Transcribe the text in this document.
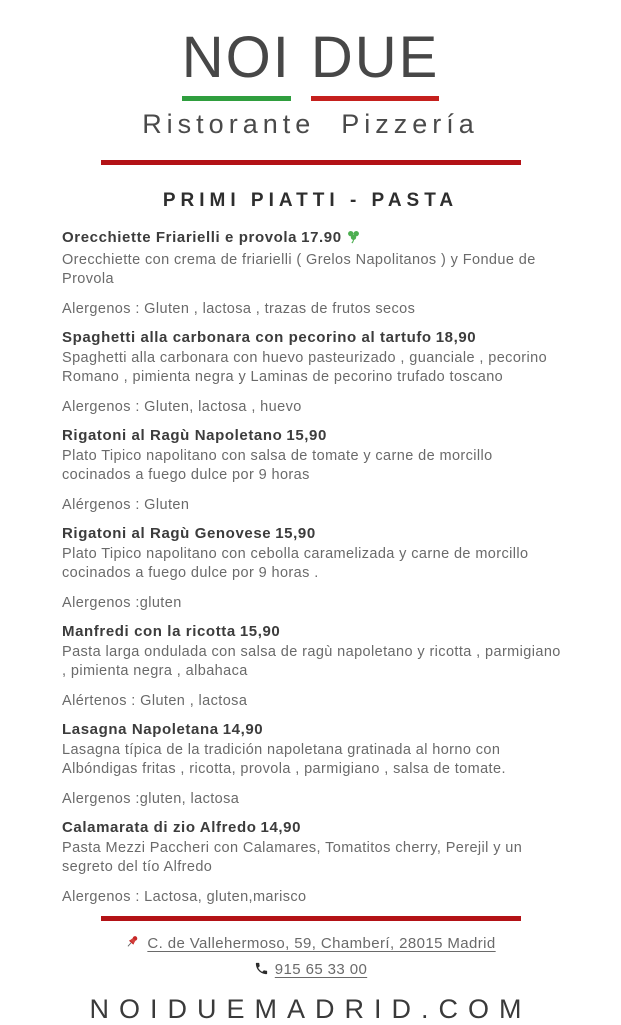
NOI DUE
Ristorante Pizzería
PRIMI PIATTI - PASTA
Orecchiette Friarielli e provola 17.90
Orecchiette con crema de friarielli ( Grelos Napolitanos ) y Fondue de Provola
Alergenos : Gluten , lactosa , trazas de frutos secos
Spaghetti alla carbonara con pecorino al tartufo 18,90
Spaghetti alla carbonara con huevo pasteurizado , guanciale , pecorino Romano , pimienta negra y Laminas de pecorino trufado toscano
Alergenos : Gluten, lactosa , huevo
Rigatoni al Ragù Napoletano 15,90
Plato Tipico napolitano con salsa de tomate y carne de morcillo cocinados a fuego dulce por 9 horas
Alérgenos : Gluten
Rigatoni al Ragù Genovese 15,90
Plato Tipico napolitano con cebolla caramelizada y carne de morcillo cocinados a fuego dulce por 9 horas .
Alergenos :gluten
Manfredi con la ricotta 15,90
Pasta larga ondulada con salsa de ragù napoletano y ricotta , parmigiano , pimienta negra , albahaca
Alértenos : Gluten , lactosa
Lasagna Napoletana 14,90
Lasagna típica de la tradición napoletana gratinada al horno con Albóndigas fritas , ricotta, provola , parmigiano , salsa de tomate.
Alergenos :gluten, lactosa
Calamarata di zio Alfredo 14,90
Pasta Mezzi Paccheri con Calamares, Tomatitos cherry, Perejil y un segreto del tío Alfredo
Alergenos : Lactosa, gluten,marisco
C. de Vallehermoso, 59, Chamberí, 28015 Madrid
915 65 33 00
NOIDUEMADRID.COM
